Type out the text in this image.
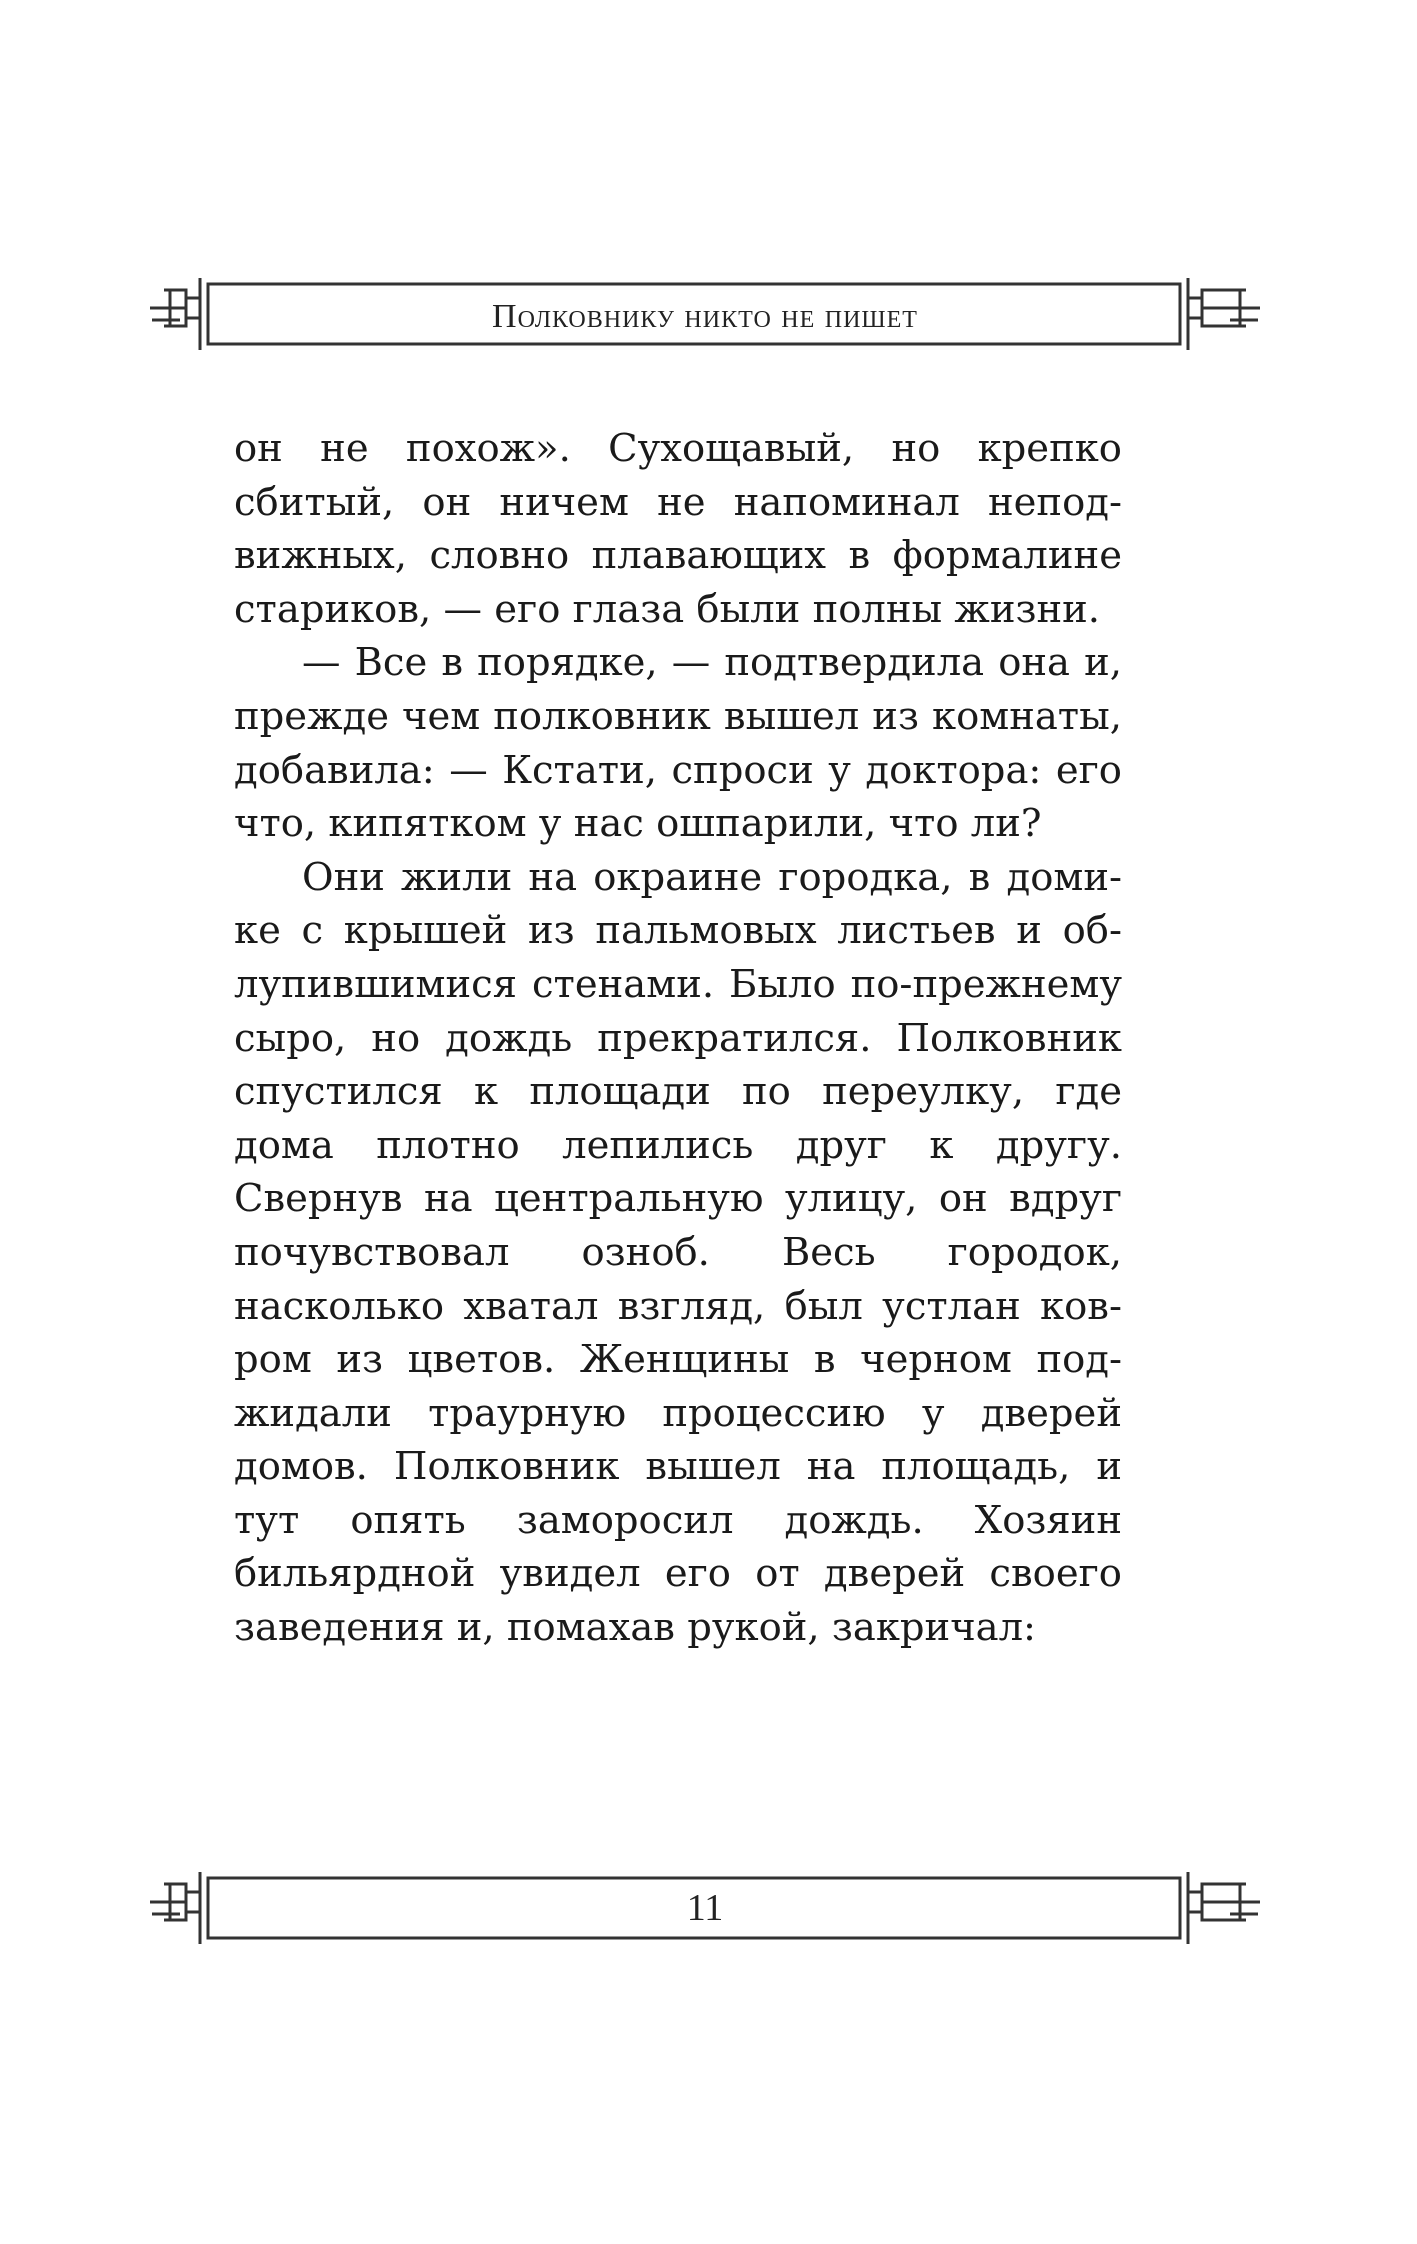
Полковнику никто не пишет

он не похож». Сухощавый, но крепко сбитый, он ничем не напоминал неподвижных, словно плавающих в формалине стариков, — его глаза были полны жизни.

— Все в порядке, — подтвердила она и, прежде чем полковник вышел из комнаты, добавила: — Кстати, спроси у доктора: его что, кипятком у нас ошпарили, что ли?

Они жили на окраине городка, в домике с крышей из пальмовых листьев и облупившимися стенами. Было по-прежнему сыро, но дождь прекратился. Полковник спустился к площади по переулку, где дома плотно лепились друг к другу. Свернув на центральную улицу, он вдруг почувствовал озноб. Весь городок, насколько хватал взгляд, был устлан ковром из цветов. Женщины в черном поджидали траурную процессию у дверей домов. Полковник вышел на площадь, и тут опять заморосил дождь. Хозяин бильярдной увидел его от дверей своего заведения и, помахав рукой, закричал:

11
